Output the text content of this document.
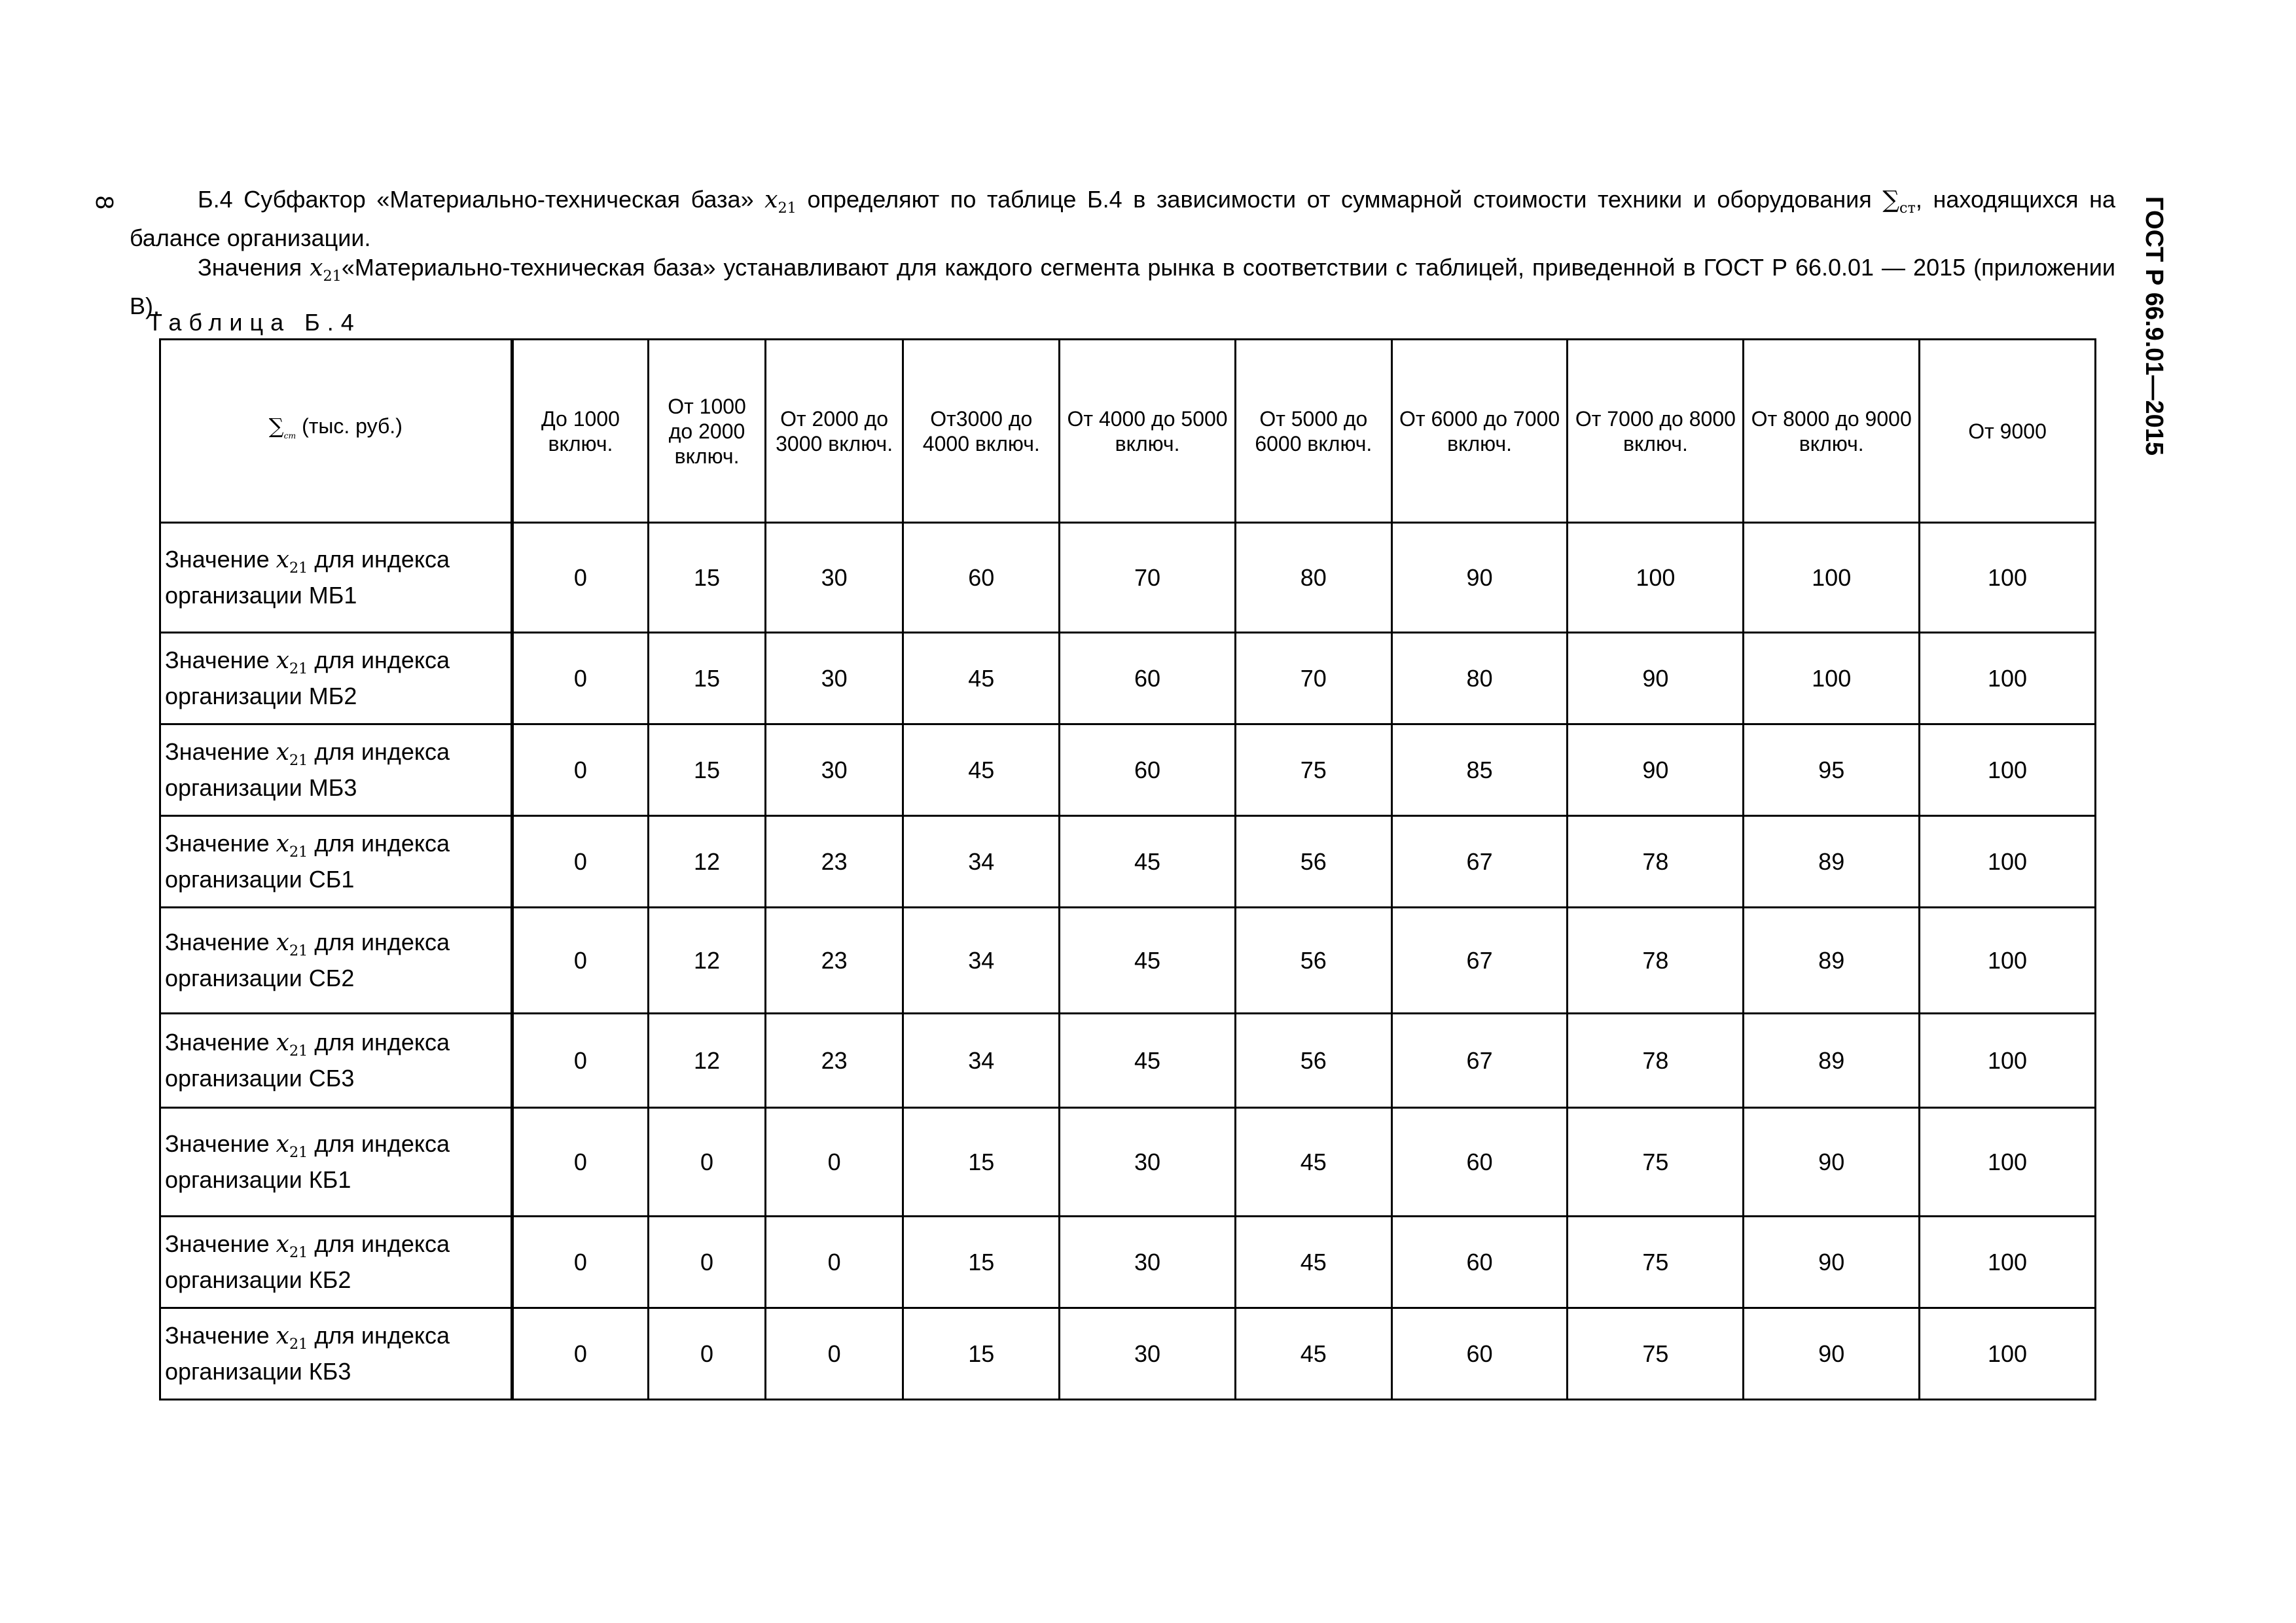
8	ГОСТ Р 66.9.01—2015

Б.4 Субфактор «Материально-техническая база» $x_{21}$ определяют по таблице Б.4 в зависимости от суммарной стоимости техники и оборудования $\sum_{ст}$, находящихся на балансе организации.

Значения $x_{21}«Материально$-техническая база» устанавливают для каждого сегмента рынка в соответствии с таблицей, приведенной в ГОСТ Р 66.0.01 — 2015 (приложении В).

Таблица Б.4
$\sum_{cm}$ (тыс. руб.)	До 1000 включ.	От 1000 до 2000 включ.	От 2000 до 3000 включ.	От3000 до 4000 включ.	От 4000 до 5000 включ.	От 5000 до 6000 включ.	От 6000 до 7000 включ.	От 7000 до 8000 включ.	От 8000 до 9000 включ.	От 9000
Значение $x_{21}$ для индекса организации МБ1	0	15	30	60	70	80	90	100	100	100
Значение $x_{21}$ для индекса организации МБ2	0	15	30	45	60	70	80	90	100	100
Значение $x_{21}$ для индекса организации МБ3	0	15	30	45	60	75	85	90	95	100
Значение $x_{21}$ для индекса организации СБ1	0	12	23	34	45	56	67	78	89	100
Значение $x_{21}$ для индекса организации СБ2	0	12	23	34	45	56	67	78	89	100
Значение $x_{21}$ для индекса организации СБ3	0	12	23	34	45	56	67	78	89	100
Значение $x_{21}$ для индекса организации КБ1	0	0	0	15	30	45	60	75	90	100
Значение $x_{21}$ для индекса организации КБ2	0	0	0	15	30	45	60	75	90	100
Значение $x_{21}$ для индекса организации КБ3	0	0	0	15	30	45	60	75	90	100
